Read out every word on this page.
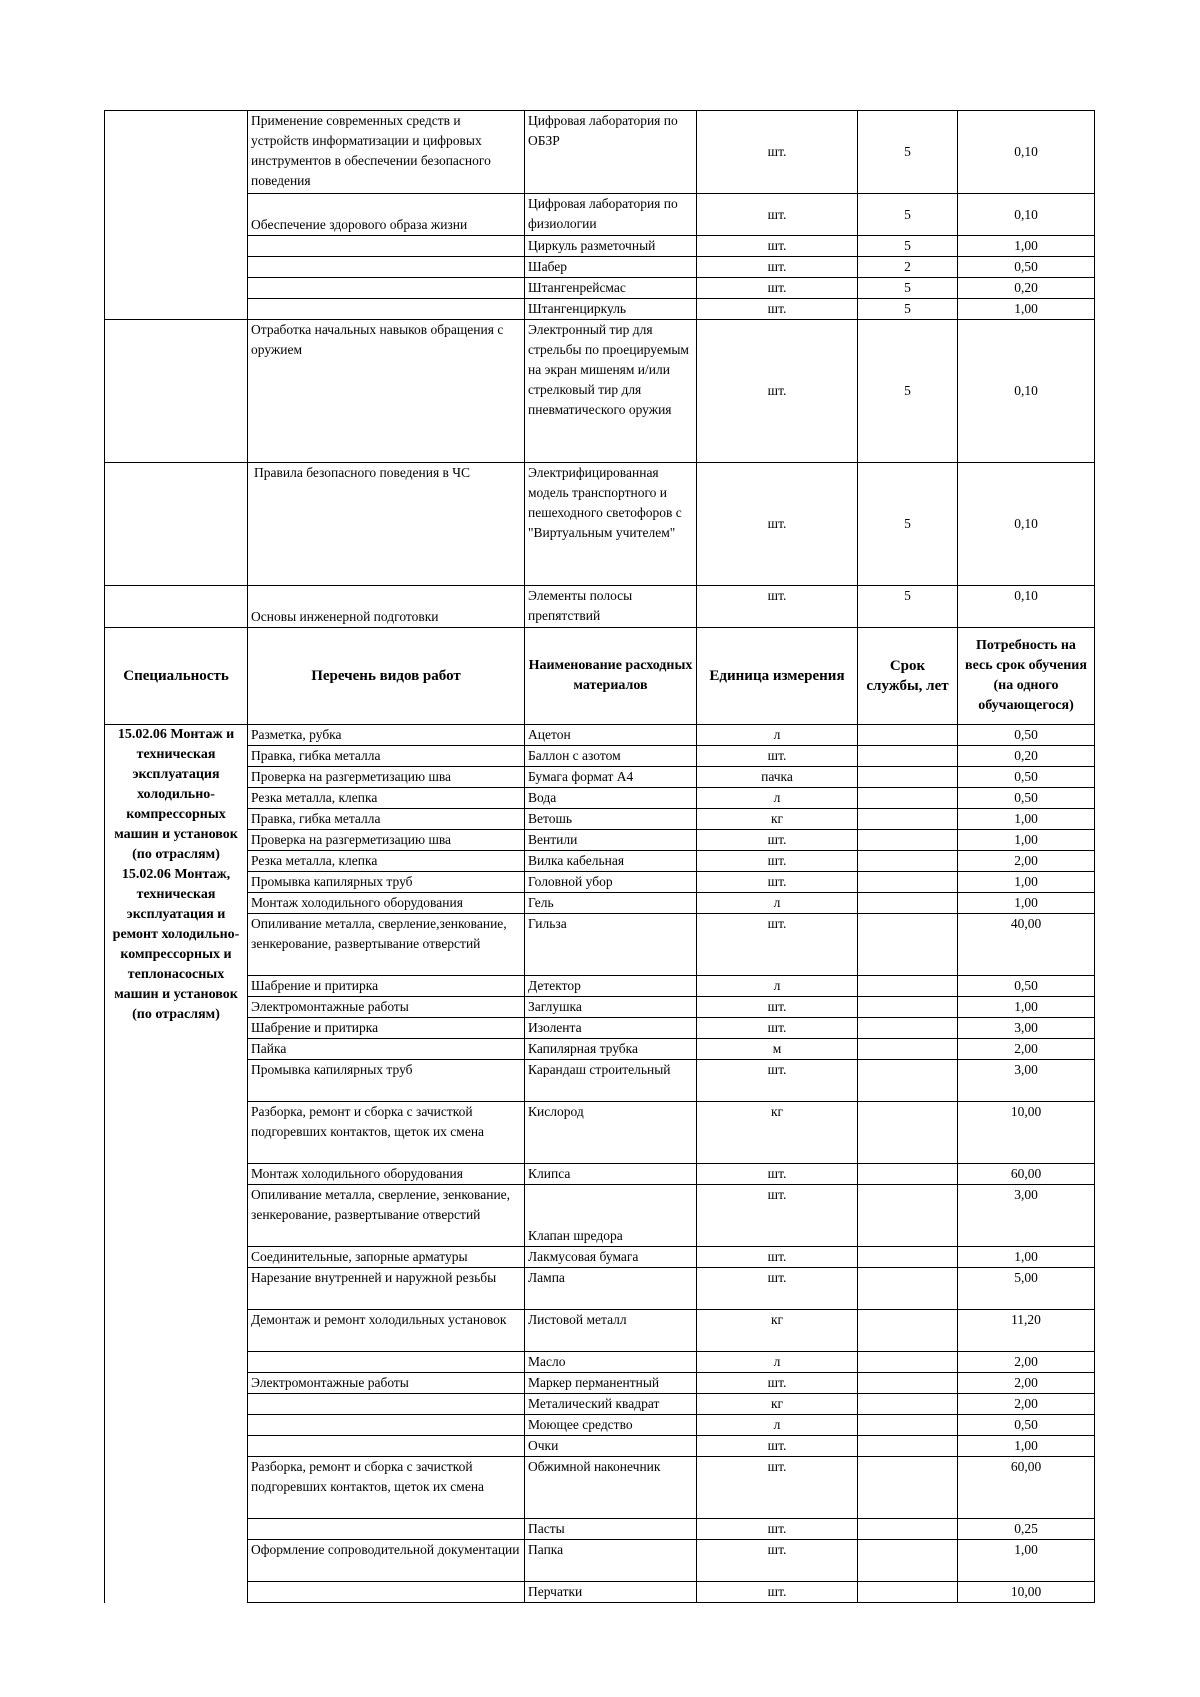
	Применение современных средств и устройств информатизации и цифровых инструментов в обеспечении безопасного поведения	Цифровая лаборатория по ОБЗР	шт.	5	0,10
	Обеспечение здорового образа жизни	Цифровая лаборатория по физиологии	шт.	5	0,10
		Циркуль разметочный	шт.	5	1,00
		Шабер	шт.	2	0,50
		Штангенрейсмас	шт.	5	0,20
		Штангенциркуль	шт.	5	1,00
	Отработка начальных навыков обращения с оружием	Электронный тир для стрельбы по проецируемым на экран мишеням и/или стрелковый тир для пневматического оружия	шт.	5	0,10
	Правила безопасного поведения в ЧС	Электрифицированная модель транспортного и пешеходного светофоров с "Виртуальным учителем"	шт.	5	0,10
	Основы инженерной подготовки	Элементы полосы препятствий	шт.	5	0,10
Специальность	Перечень видов работ	Наименование расходных материалов	Единица измерения	Срок службы, лет	Потребность на весь срок обучения (на одного обучающегося)
15.02.06 Монтаж и техническая эксплуатация холодильно-компрессорных машин и установок (по отраслям) 15.02.06 Монтаж, техническая эксплуатация и ремонт холодильно-компрессорных и теплонасосных машин и установок (по отраслям)	Разметка, рубка	Ацетон	л		0,50
	Правка, гибка металла	Баллон с азотом	шт.		0,20
	Проверка на разгерметизацию шва	Бумага формат А4	пачка		0,50
	Резка металла, клепка	Вода	л		0,50
	Правка, гибка металла	Ветошь	кг		1,00
	Проверка на разгерметизацию шва	Вентили	шт.		1,00
	Резка металла, клепка	Вилка кабельная	шт.		2,00
	Промывка капилярных труб	Головной убор	шт.		1,00
	Монтаж холодильного оборудования	Гель	л		1,00
	Опиливание металла, сверление,зенкование, зенкерование, развертывание отверстий	Гильза	шт.		40,00
	Шабрение и притирка	Детектор	л		0,50
	Электромонтажные работы	Заглушка	шт.		1,00
	Шабрение и притирка	Изолента	шт.		3,00
	Пайка	Капилярная трубка	м		2,00
	Промывка капилярных труб	Карандаш строительный	шт.		3,00
	Разборка, ремонт и сборка с зачисткой подгоревших контактов, щеток их смена	Кислород	кг		10,00
	Монтаж холодильного оборудования	Клипса	шт.		60,00
	Опиливание металла, сверление, зенкование, зенкерование, развертывание отверстий	Клапан шредора	шт.		3,00
	Соединительные, запорные арматуры	Лакмусовая бумага	шт.		1,00
	Нарезание внутренней и наружной резьбы	Лампа	шт.		5,00
	Демонтаж и ремонт холодильных установок	Листовой металл	кг		11,20
		Масло	л		2,00
	Электромонтажные работы	Маркер перманентный	шт.		2,00
		Металический квадрат	кг		2,00
		Моющее средство	л		0,50
		Очки	шт.		1,00
	Разборка, ремонт и сборка с зачисткой подгоревших контактов, щеток их смена	Обжимной наконечник	шт.		60,00
		Пасты	шт.		0,25
	Оформление сопроводительной документации	Папка	шт.		1,00
		Перчатки	шт.		10,00
